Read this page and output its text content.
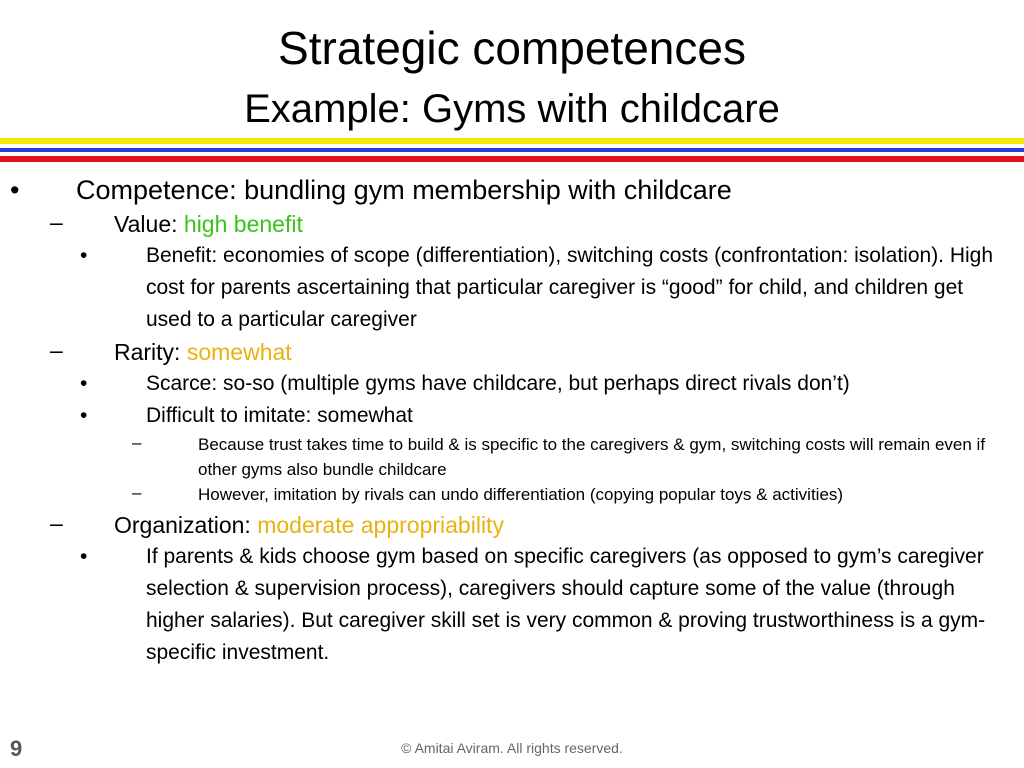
Strategic competences
Example: Gyms with childcare
• Competence: bundling gym membership with childcare
– Value: high benefit
•	Benefit: economies of scope (differentiation), switching costs (confrontation: isolation). High cost for parents ascertaining that particular caregiver is “good” for child, and children get used to a particular caregiver
– Rarity: somewhat
•	Scarce: so-so (multiple gyms have childcare, but perhaps direct rivals don’t)
•	Difficult to imitate: somewhat
–	Because trust takes time to build & is specific to the caregivers & gym, switching costs will remain even if other gyms also bundle childcare
–	However, imitation by rivals can undo differentiation (copying popular toys & activities)
– Organization: moderate appropriability
•	If parents & kids choose gym based on specific caregivers (as opposed to gym’s caregiver selection & supervision process), caregivers should capture some of the value (through higher salaries). But caregiver skill set is very common & proving trustworthiness is a gym-specific investment.
9	© Amitai Aviram. All rights reserved.
